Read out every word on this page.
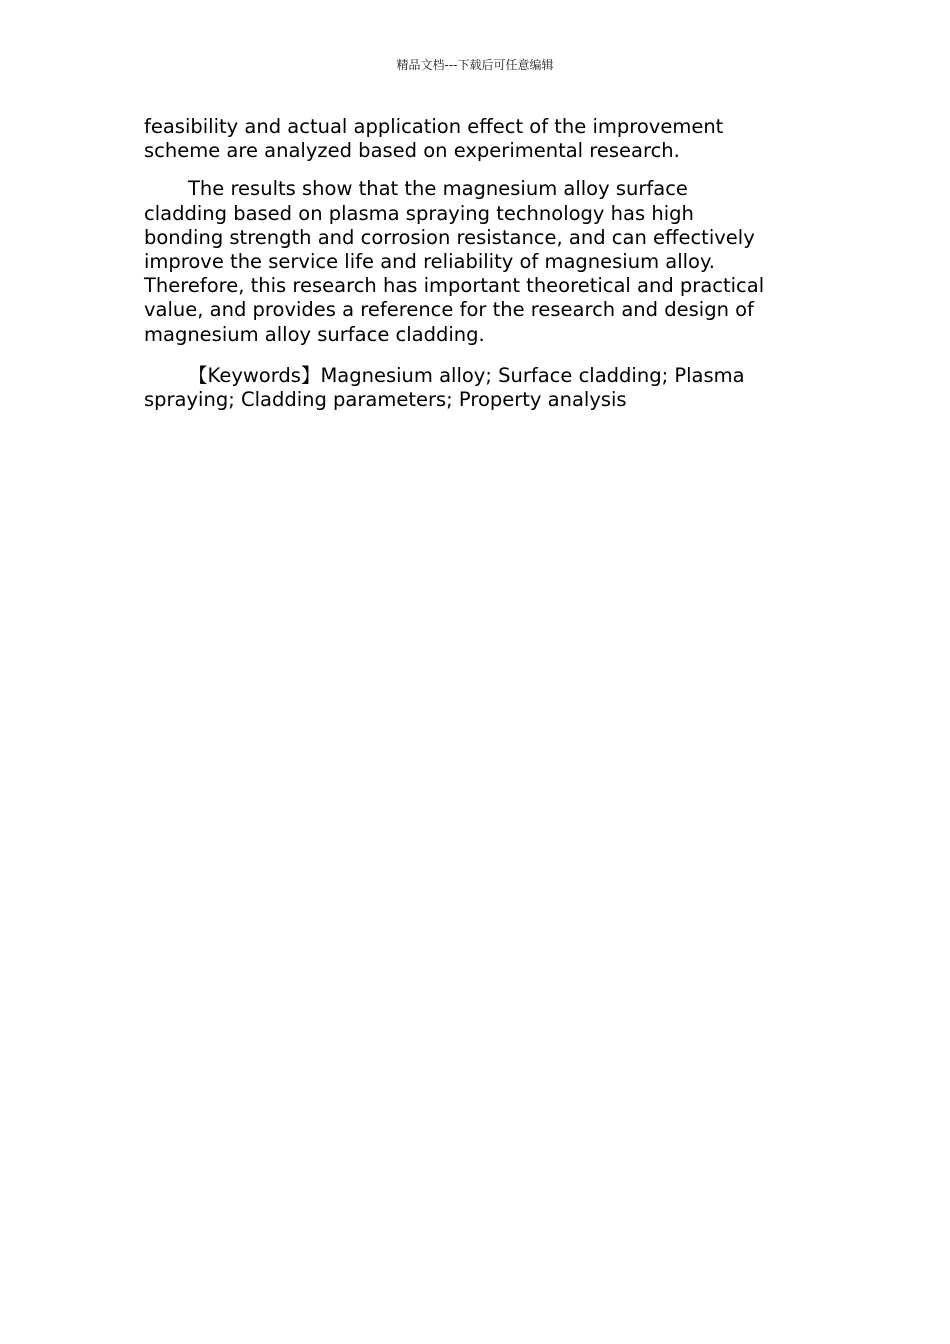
精品文档---下载后可任意编辑

feasibility and actual application effect of the improvement
scheme are analyzed based on experimental research.

The results show that the magnesium alloy surface
cladding based on plasma spraying technology has high
bonding strength and corrosion resistance, and can effectively
improve the service life and reliability of magnesium alloy.
Therefore, this research has important theoretical and practical
value, and provides a reference for the research and design of
magnesium alloy surface cladding.

【Keywords】Magnesium alloy; Surface cladding; Plasma
spraying; Cladding parameters; Property analysis
